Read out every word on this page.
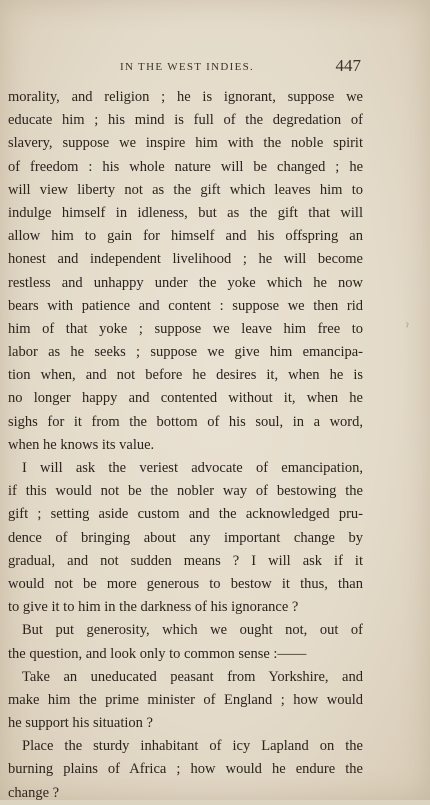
IN THE WEST INDIES.	447
morality, and religion ; he is ignorant, suppose we
educate him ; his mind is full of the degredation of
slavery, suppose we inspire him with the noble spirit
of freedom : his whole nature will be changed ; he
will view liberty not as the gift which leaves him to
indulge himself in idleness, but as the gift that will
allow him to gain for himself and his offspring an
honest and independent livelihood ; he will become
restless and unhappy under the yoke which he now
bears with patience and content : suppose we then rid
him of that yoke ; suppose we leave him free to
labor as he seeks ; suppose we give him emancipa-
tion when, and not before he desires it, when he is
no longer happy and contented without it, when he
sighs for it from the bottom of his soul, in a word,
when he knows its value.
I will ask the veriest advocate of emancipation,
if this would not be the nobler way of bestowing the
gift ; setting aside custom and the acknowledged pru-
dence of bringing about any important change by
gradual, and not sudden means ? I will ask if it
would not be more generous to bestow it thus, than
to give it to him in the darkness of his ignorance ?
But put generosity, which we ought not, out of
the question, and look only to common sense :——
Take an uneducated peasant from Yorkshire, and
make him the prime minister of England ; how would
he support his situation ?
Place the sturdy inhabitant of icy Lapland on the
burning plains of Africa ; how would he endure the
change ?
ˀ
